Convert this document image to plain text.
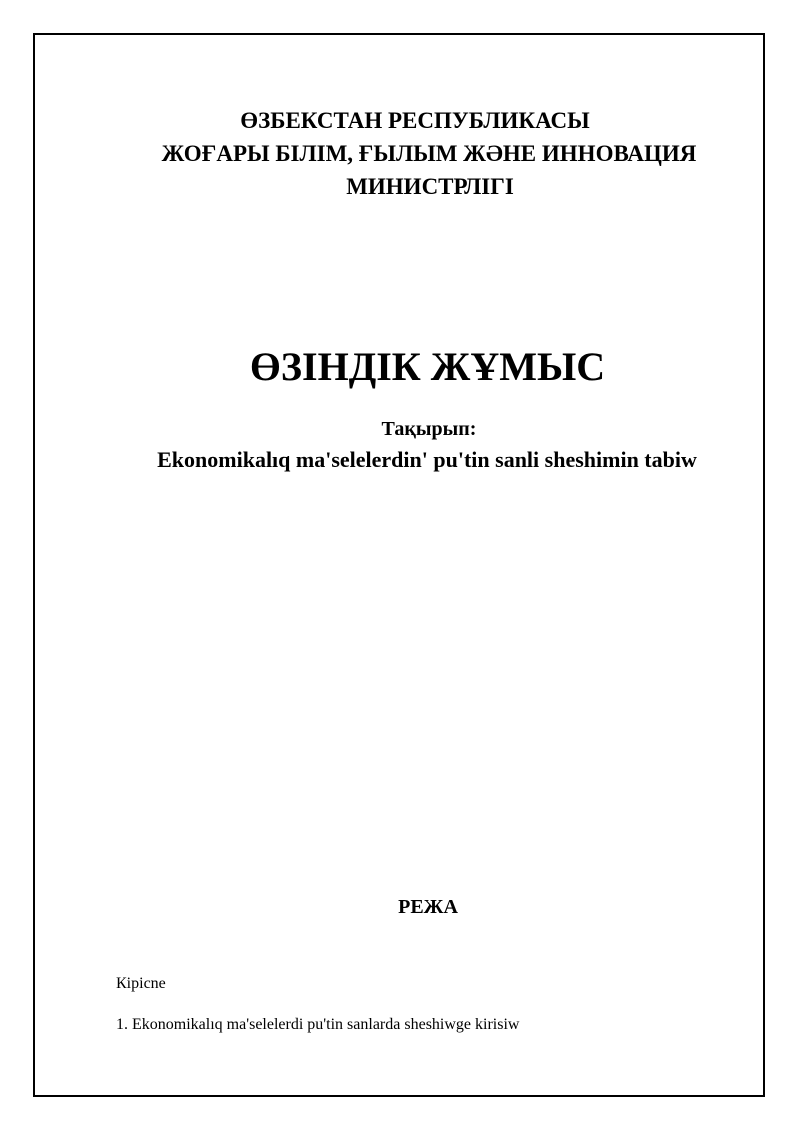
ӨЗБЕКСТАН РЕСПУБЛИКАСЫ
ЖОҒАРЫ БІЛІМ, ҒЫЛЫМ ЖӘНЕ ИННОВАЦИЯ
МИНИСТРЛІГІ
ӨЗІНДІК ЖҰМЫС
Тақырып:
Ekonomikalıq ma'selelerdin' pu'tin sanli sheshimin tabiw
РЕЖА
Кірісnе
1. Ekonomikalıq ma'selelerdi pu'tin sanlarda sheshiwge kirisiw
